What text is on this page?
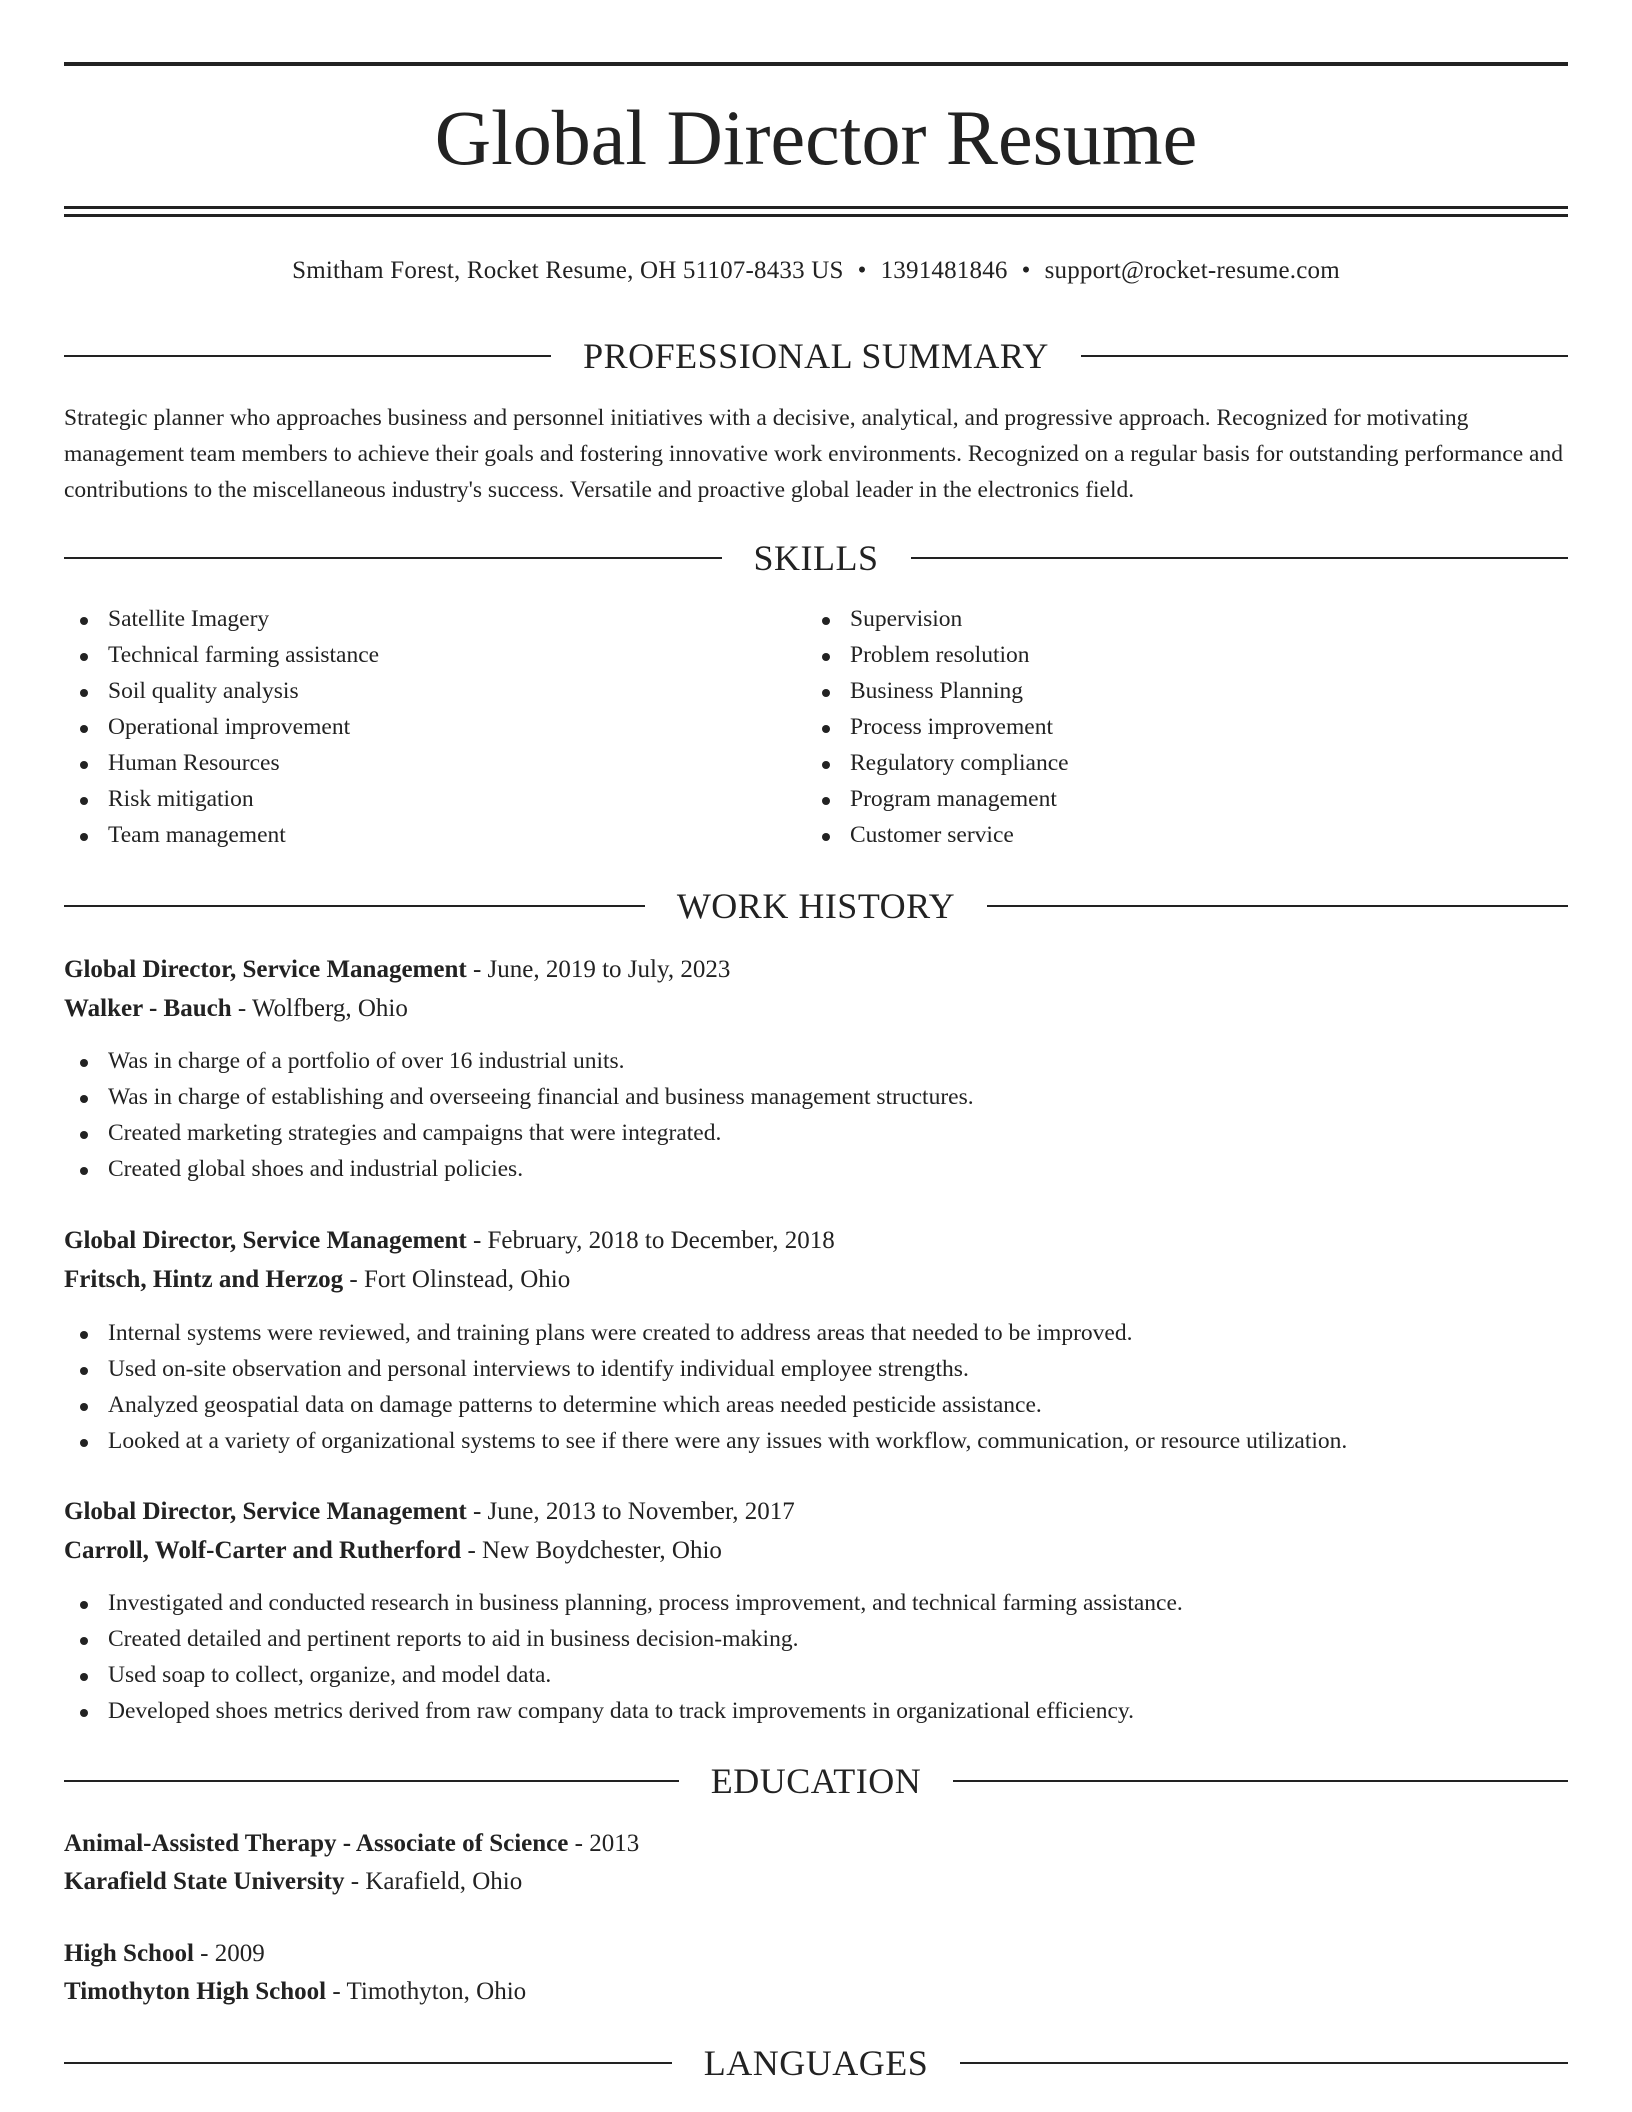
Global Director Resume
Smitham Forest, Rocket Resume, OH 51107-8433 US • 1391481846 • support@rocket-resume.com
PROFESSIONAL SUMMARY

Strategic planner who approaches business and personnel initiatives with a decisive, analytical, and progressive approach. Recognized for motivating management team members to achieve their goals and fostering innovative work environments. Recognized on a regular basis for outstanding performance and contributions to the miscellaneous industry's success. Versatile and proactive global leader in the electronics field.

SKILLS
Satellite Imagery
Technical farming assistance
Soil quality analysis
Operational improvement
Human Resources
Risk mitigation
Team management
Supervision
Problem resolution
Business Planning
Process improvement
Regulatory compliance
Program management
Customer service
WORK HISTORY
Global Director, Service Management - June, 2019 to July, 2023
Walker - Bauch - Wolfberg, Ohio
Was in charge of a portfolio of over 16 industrial units.
Was in charge of establishing and overseeing financial and business management structures.
Created marketing strategies and campaigns that were integrated.
Created global shoes and industrial policies.
Global Director, Service Management - February, 2018 to December, 2018
Fritsch, Hintz and Herzog - Fort Olinstead, Ohio
Internal systems were reviewed, and training plans were created to address areas that needed to be improved.
Used on-site observation and personal interviews to identify individual employee strengths.
Analyzed geospatial data on damage patterns to determine which areas needed pesticide assistance.
Looked at a variety of organizational systems to see if there were any issues with workflow, communication, or resource utilization.
Global Director, Service Management - June, 2013 to November, 2017
Carroll, Wolf-Carter and Rutherford - New Boydchester, Ohio
Investigated and conducted research in business planning, process improvement, and technical farming assistance.
Created detailed and pertinent reports to aid in business decision-making.
Used soap to collect, organize, and model data.
Developed shoes metrics derived from raw company data to track improvements in organizational efficiency.
EDUCATION
Animal-Assisted Therapy - Associate of Science - 2013
Karafield State University - Karafield, Ohio
High School - 2009
Timothyton High School - Timothyton, Ohio
LANGUAGES
